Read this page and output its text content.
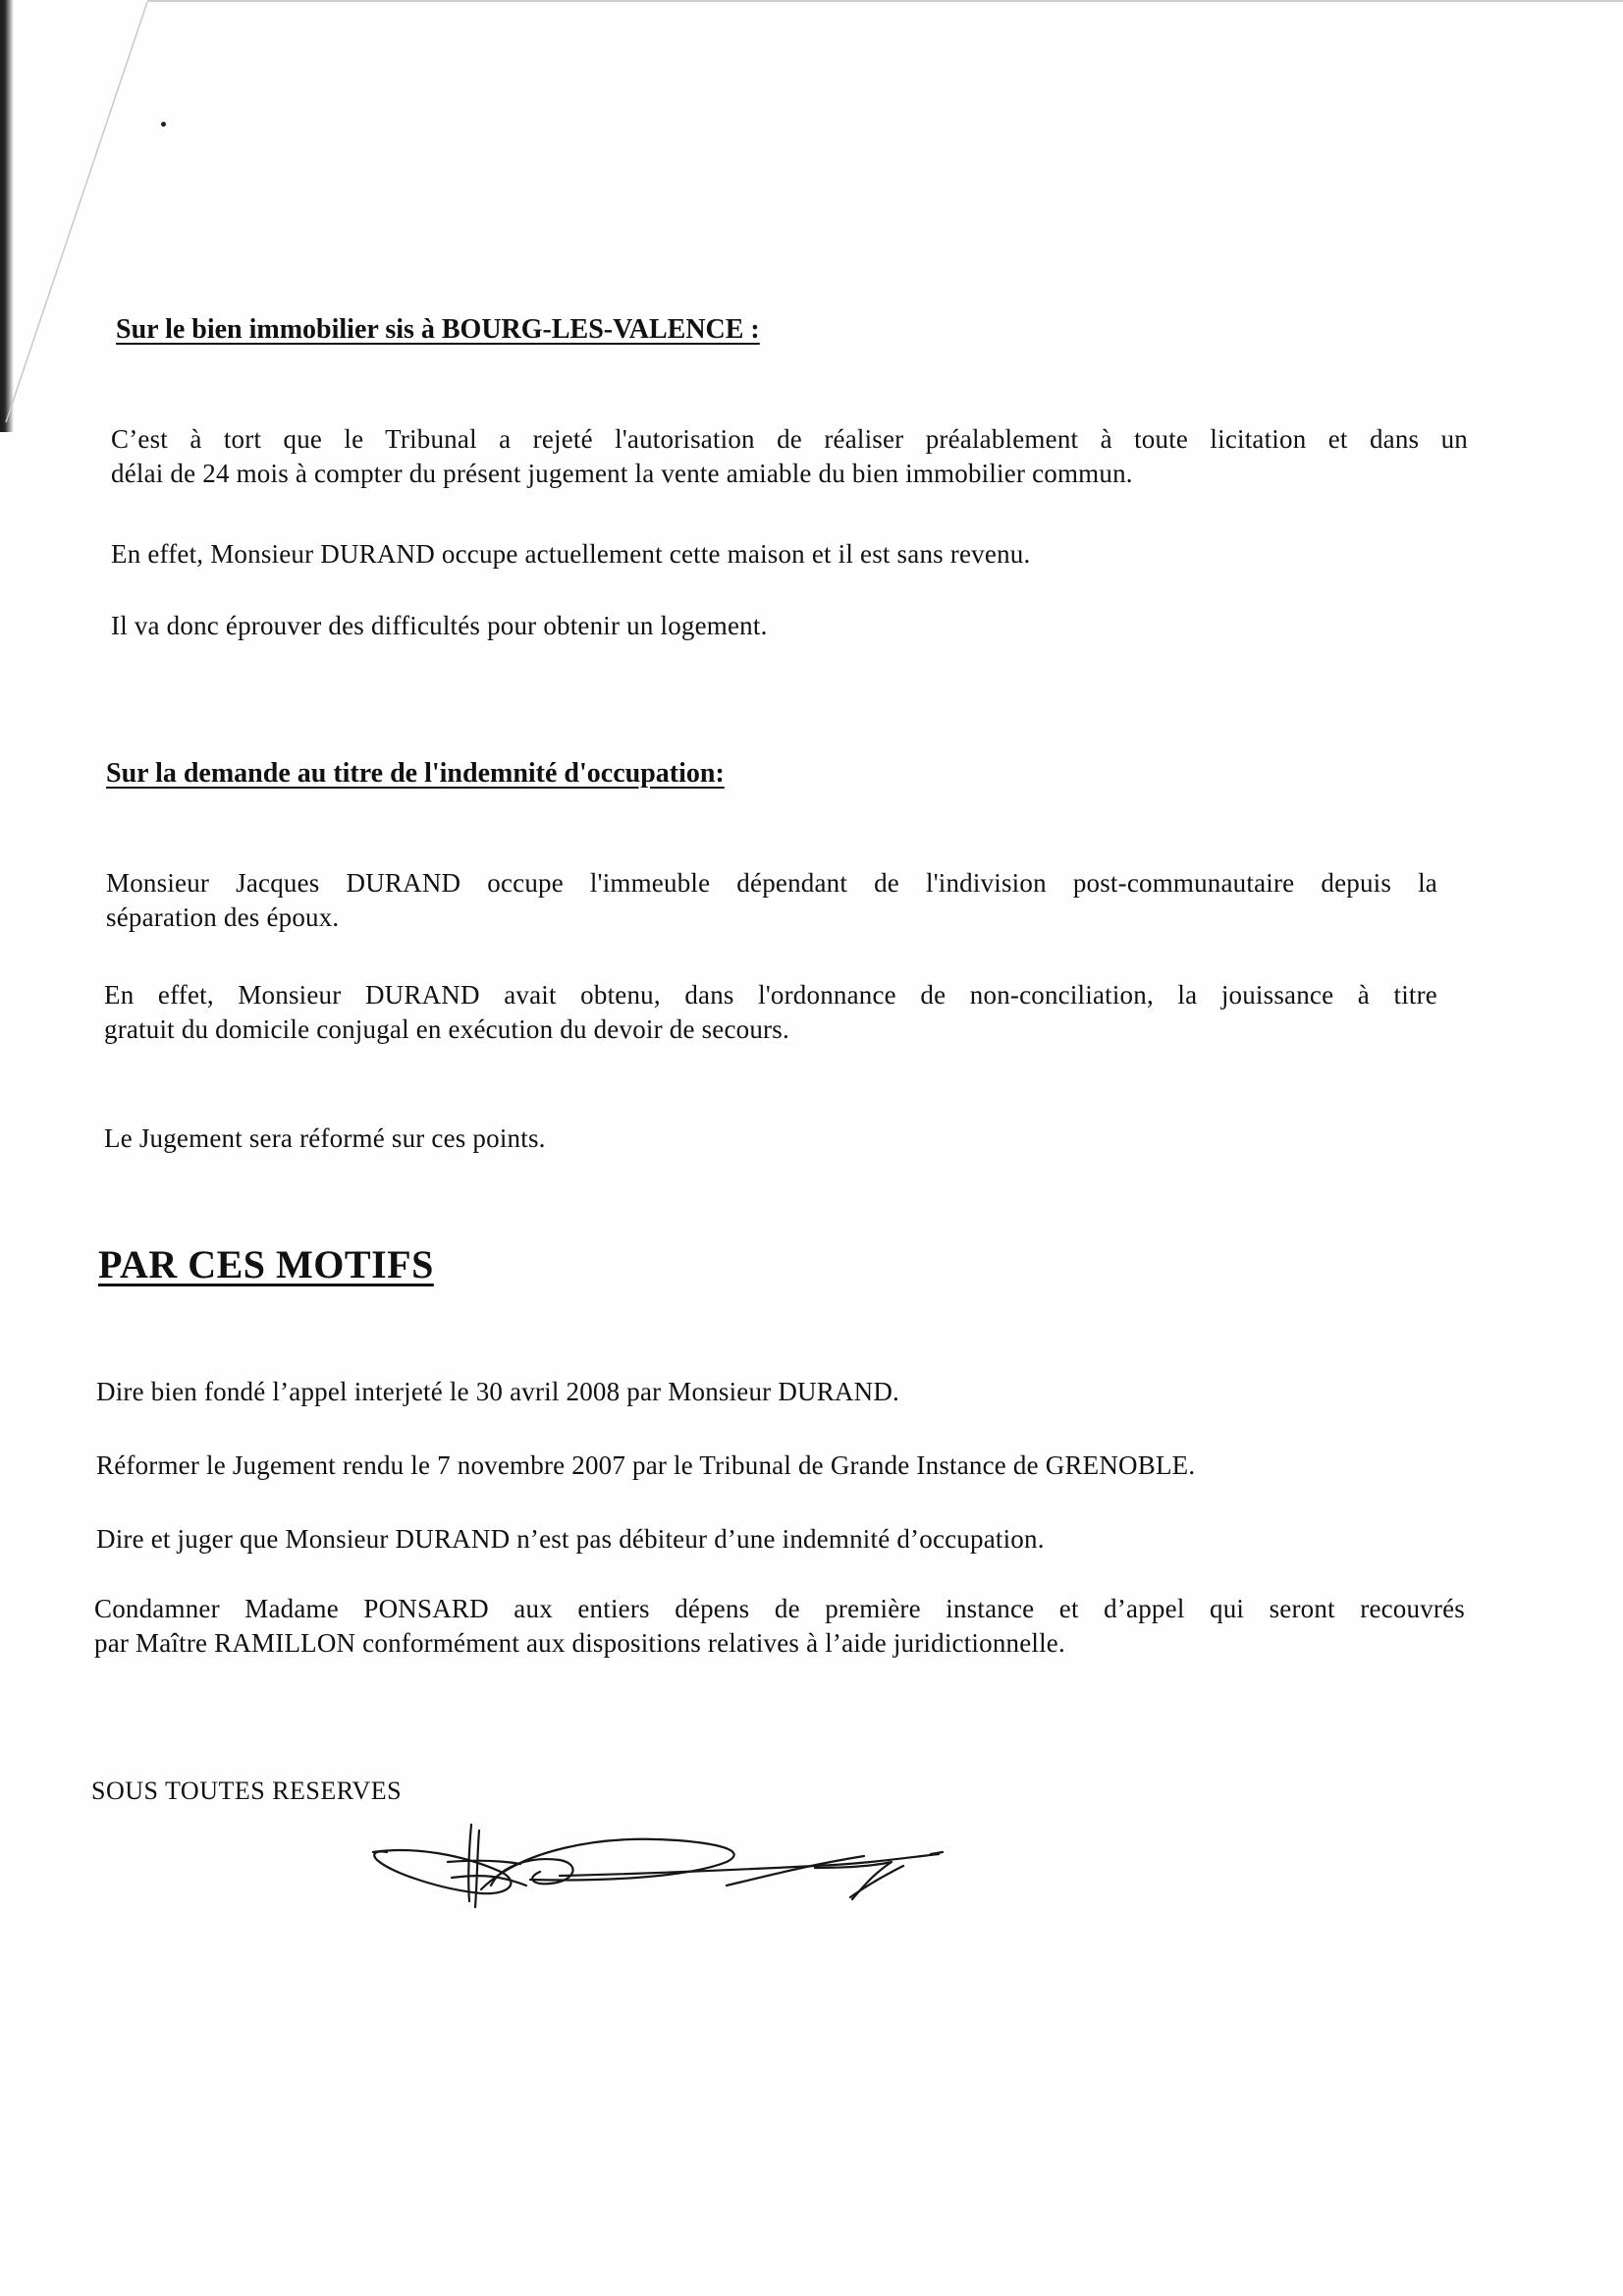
Sur le bien immobilier sis à BOURG-LES-VALENCE :
C’est à tort que le Tribunal a rejeté l'autorisation de réaliser préalablement à toute licitation et dans un
délai de 24 mois à compter du présent jugement la vente amiable du bien immobilier commun.
En effet, Monsieur DURAND occupe actuellement cette maison et il est sans revenu.
Il va donc éprouver des difficultés pour obtenir un logement.
Sur la demande au titre de l'indemnité d'occupation:
Monsieur Jacques DURAND occupe l'immeuble dépendant de l'indivision post-communautaire depuis la
séparation des époux.
En effet, Monsieur DURAND avait obtenu, dans l'ordonnance de non-conciliation, la jouissance à titre
gratuit du domicile conjugal en exécution du devoir de secours.
Le Jugement sera réformé sur ces points.
PAR CES MOTIFS
Dire bien fondé l’appel interjeté le 30 avril 2008 par Monsieur DURAND.
Réformer le Jugement rendu le 7 novembre 2007 par le Tribunal de Grande Instance de GRENOBLE.
Dire et juger que Monsieur DURAND n’est pas débiteur d’une indemnité d’occupation.
Condamner Madame PONSARD aux entiers dépens de première instance et d’appel qui seront recouvrés
par Maître RAMILLON conformément aux dispositions relatives à l’aide juridictionnelle.
SOUS TOUTES RESERVES
